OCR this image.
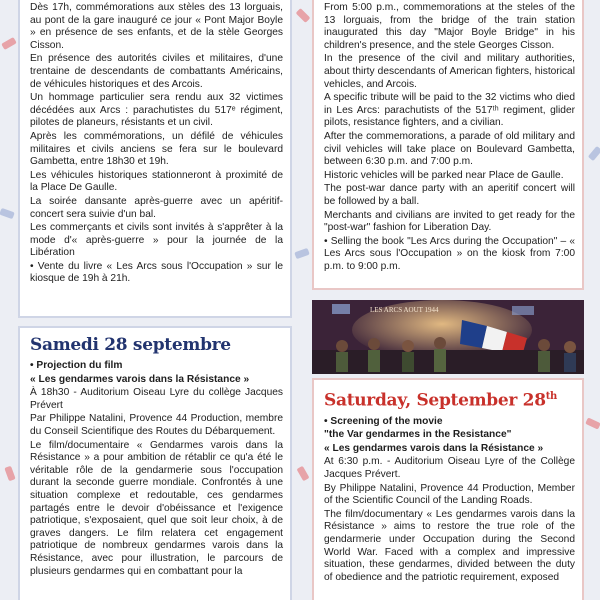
Dès 17h, commémorations aux stèles des 13 lorguais, au pont de la gare inauguré ce jour « Pont Major Boyle » en présence de ses enfants, et de la stèle Georges Cisson.

En présence des autorités civiles et militaires, d'une trentaine de descendants de combattants Américains, de véhicules historiques et des Arcois.

Un hommage particulier sera rendu aux 32 victimes décédées aux Arcs : parachutistes du 517ᵉ régiment, pilotes de planeurs, résistants et un civil.

Après les commémorations, un défilé de véhicules militaires et civils anciens se fera sur le boulevard Gambetta, entre 18h30 et 19h.

Les véhicules historiques stationneront à proximité de la Place De Gaulle.

La soirée dansante après-guerre avec un apéritif-concert sera suivie d'un bal.

Les commerçants et civils sont invités à s'apprêter à la mode d'« après-guerre » pour la journée de la Libération

• Vente du livre « Les Arcs sous l'Occupation » sur le kiosque de 19h à 21h.

From 5:00 p.m., commemorations at the steles of the 13 lorguais, from the bridge of the train station inaugurated this day "Major Boyle Bridge" in his children's presence, and the stele Georges Cisson.

In the presence of the civil and military authorities, about thirty descendants of American fighters, historical vehicles, and Arcois.

A specific tribute will be paid to the 32 victims who died in Les Arcs: parachutists of the 517ᵗʰ regiment, glider pilots, resistance fighters, and a civilian.

After the commemorations, a parade of old military and civil vehicles will take place on Boulevard Gambetta, between 6:30 p.m. and 7:00 p.m.

Historic vehicles will be parked near Place de Gaulle.

The post-war dance party with an aperitif concert will be followed by a ball.

Merchants and civilians are invited to get ready for the "post-war" fashion for Liberation Day.

• Selling the book "Les Arcs during the Occupation" – « Les Arcs sous l'Occupation » on the kiosk from 7:00 p.m. to 9:00 p.m.

LES ARCS AOUT 1944
Samedi 28 septembre

• Projection du film

« Les gendarmes varois dans la Résistance »

À 18h30 - Auditorium Oiseau Lyre du collège Jacques Prévert

Par Philippe Natalini, Provence 44 Production, membre du Conseil Scientifique des Routes du Débarquement.

Le film/documentaire « Gendarmes varois dans la Résistance » a pour ambition de rétablir ce qu'a été le véritable rôle de la gendarmerie sous l'occupation durant la seconde guerre mondiale. Confrontés à une situation complexe et redoutable, ces gendarmes partagés entre le devoir d'obéissance et l'exigence patriotique, s'exposaient, quel que soit leur choix, à de graves dangers. Le film relatera cet engagement patriotique de nombreux gendarmes varois dans la Résistance, avec pour illustration, le parcours de plusieurs gendarmes qui en combattant pour la

Saturday, September 28th

• Screening of the movie

"the Var gendarmes in the Resistance"

« Les gendarmes varois dans la Résistance »

At 6:30 p.m. - Auditorium Oiseau Lyre of the Collège Jacques Prévert.

By Philippe Natalini, Provence 44 Production, Member of the Scientific Council of the Landing Roads.

The film/documentary « Les gendarmes varois dans la Résistance » aims to restore the true role of the gendarmerie under Occupation during the Second World War. Faced with a complex and impressive situation, these gendarmes, divided between the duty of obedience and the patriotic requirement, exposed
